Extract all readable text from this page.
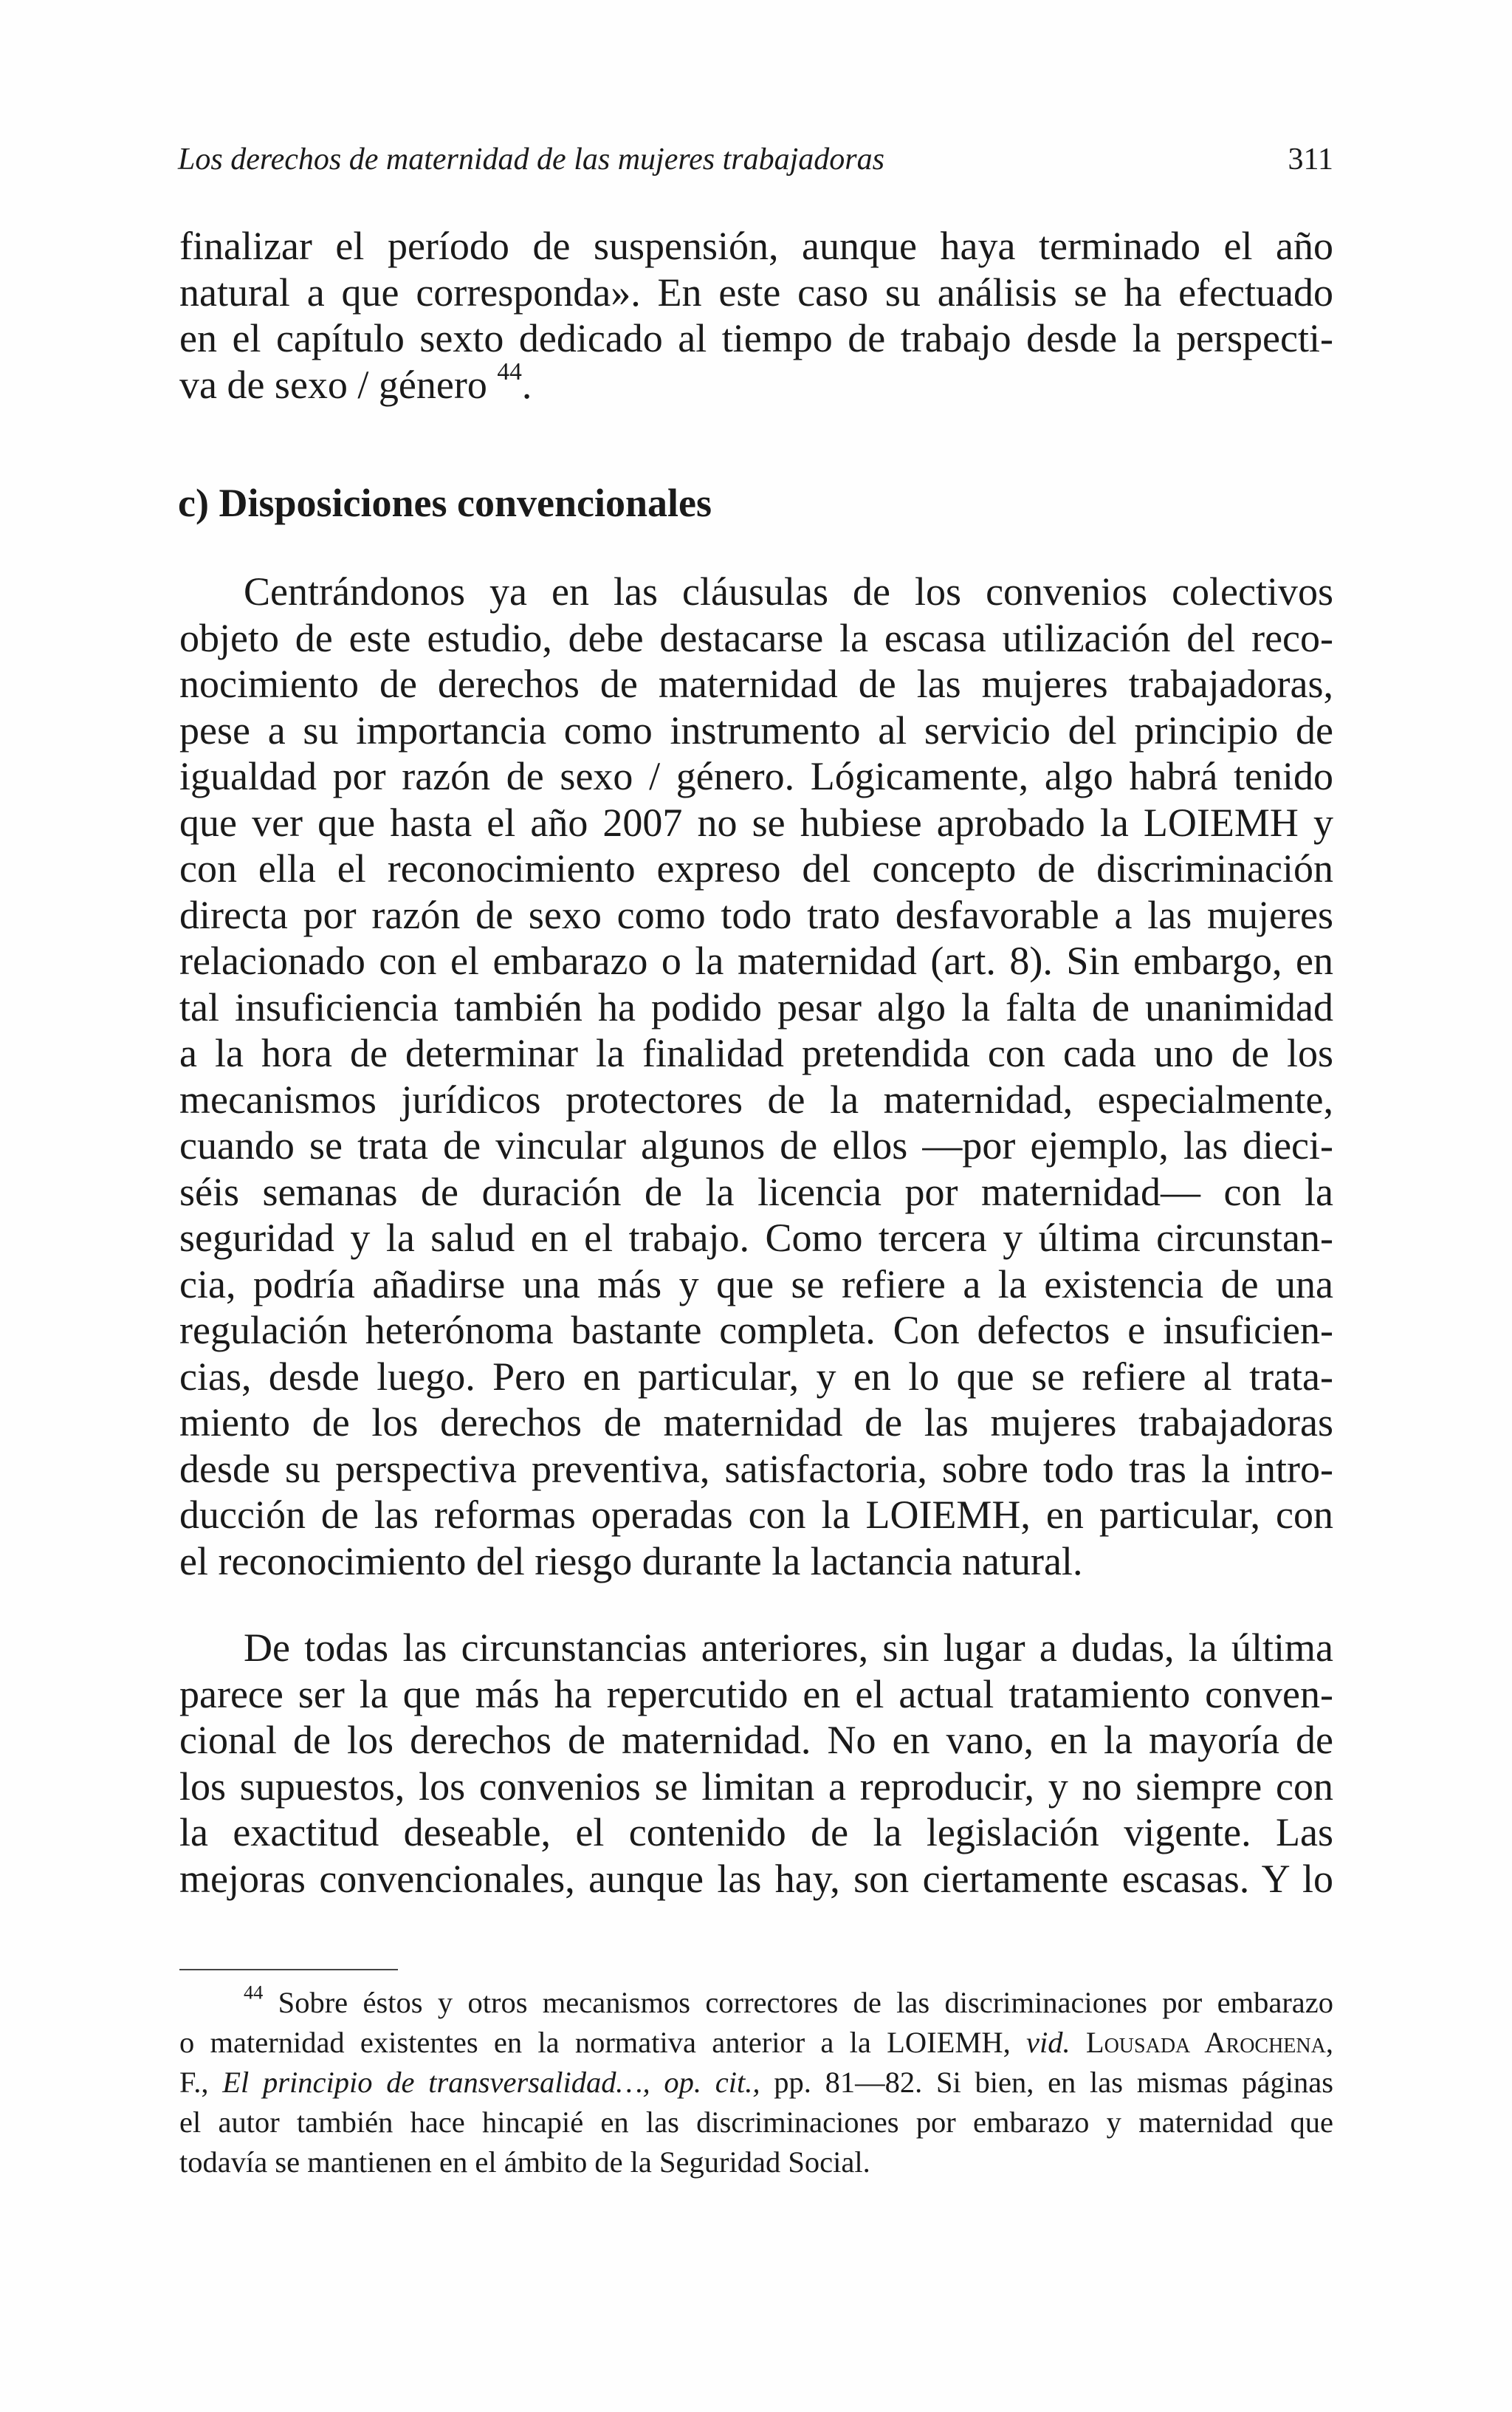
Los derechos de maternidad de las mujeres trabajadoras	311
finalizar el período de suspensión, aunque haya terminado el año
natural a que corresponda». En este caso su análisis se ha efectuado
en el capítulo sexto dedicado al tiempo de trabajo desde la perspecti-
va de sexo / género $^{44}$.
c) Disposiciones convencionales
Centrándonos ya en las cláusulas de los convenios colectivos
objeto de este estudio, debe destacarse la escasa utilización del reco-
nocimiento de derechos de maternidad de las mujeres trabajadoras,
pese a su importancia como instrumento al servicio del principio de
igualdad por razón de sexo / género. Lógicamente, algo habrá tenido
que ver que hasta el año 2007 no se hubiese aprobado la LOIEMH y
con ella el reconocimiento expreso del concepto de discriminación
directa por razón de sexo como todo trato desfavorable a las mujeres
relacionado con el embarazo o la maternidad (art. 8). Sin embargo, en
tal insuficiencia también ha podido pesar algo la falta de unanimidad
a la hora de determinar la finalidad pretendida con cada uno de los
mecanismos jurídicos protectores de la maternidad, especialmente,
cuando se trata de vincular algunos de ellos —por ejemplo, las dieci-
séis semanas de duración de la licencia por maternidad— con la
seguridad y la salud en el trabajo. Como tercera y última circunstan-
cia, podría añadirse una más y que se refiere a la existencia de una
regulación heterónoma bastante completa. Con defectos e insuficien-
cias, desde luego. Pero en particular, y en lo que se refiere al trata-
miento de los derechos de maternidad de las mujeres trabajadoras
desde su perspectiva preventiva, satisfactoria, sobre todo tras la intro-
ducción de las reformas operadas con la LOIEMH, en particular, con
el reconocimiento del riesgo durante la lactancia natural.
De todas las circunstancias anteriores, sin lugar a dudas, la última
parece ser la que más ha repercutido en el actual tratamiento conven-
cional de los derechos de maternidad. No en vano, en la mayoría de
los supuestos, los convenios se limitan a reproducir, y no siempre con
la exactitud deseable, el contenido de la legislación vigente. Las
mejoras convencionales, aunque las hay, son ciertamente escasas. Y lo
$^{44}$ Sobre éstos y otros mecanismos correctores de las discriminaciones por embarazo
o maternidad existentes en la normativa anterior a la LOIEMH, vid. Lousada Arochena,
F., El principio de transversalidad…, op. cit., pp. 81—82. Si bien, en las mismas páginas
el autor también hace hincapié en las discriminaciones por embarazo y maternidad que
todavía se mantienen en el ámbito de la Seguridad Social.
